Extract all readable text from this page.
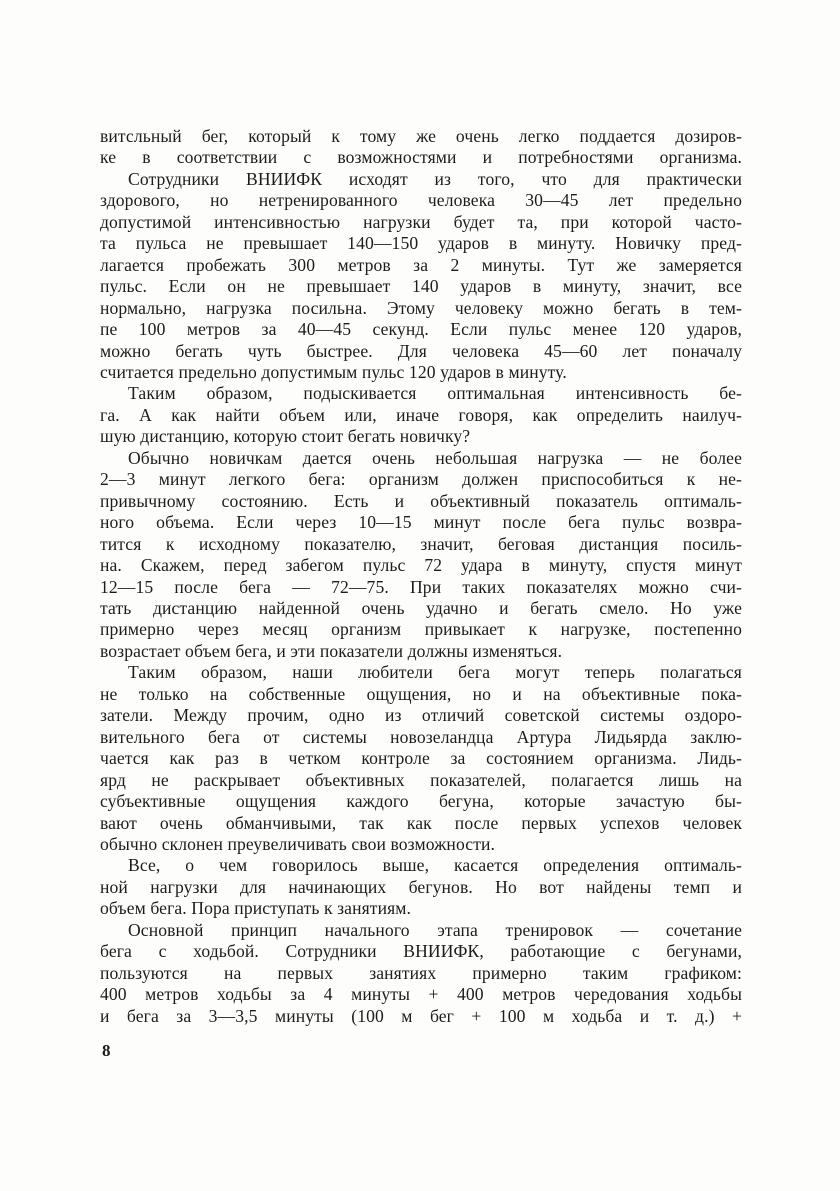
витсльный бег, который к тому же очень легко поддается дозиров-
ке в соответствии с возможностями и потребностями организма.
Сотрудники ВНИИФК исходят из того, что для практически
здорового, но нетренированного человека 30—45 лет предельно
допустимой интенсивностью нагрузки будет та, при которой часто-
та пульса не превышает 140—150 ударов в минуту. Новичку пред-
лагается пробежать 300 метров за 2 минуты. Тут же замеряется
пульс. Если он не превышает 140 ударов в минуту, значит, все
нормально, нагрузка посильна. Этому человеку можно бегать в тем-
пе 100 метров за 40—45 секунд. Если пульс менее 120 ударов,
можно бегать чуть быстрее. Для человека 45—60 лет поначалу
считается предельно допустимым пульс 120 ударов в минуту.
Таким образом, подыскивается оптимальная интенсивность бе-
га. А как найти объем или, иначе говоря, как определить наилуч-
шую дистанцию, которую стоит бегать новичку?
Обычно новичкам дается очень небольшая нагрузка — не более
2—3 минут легкого бега: организм должен приспособиться к не-
привычному состоянию. Есть и объективный показатель оптималь-
ного объема. Если через 10—15 минут после бега пульс возвра-
тится к исходному показателю, значит, беговая дистанция посиль-
на. Скажем, перед забегом пульс 72 удара в минуту, спустя минут
12—15 после бега — 72—75. При таких показателях можно счи-
тать дистанцию найденной очень удачно и бегать смело. Но уже
примерно через месяц организм привыкает к нагрузке, постепенно
возрастает объем бега, и эти показатели должны изменяться.
Таким образом, наши любители бега могут теперь полагаться
не только на собственные ощущения, но и на объективные пока-
затели. Между прочим, одно из отличий советской системы оздоро-
вительного бега от системы новозеландца Артура Лидьярда заклю-
чается как раз в четком контроле за состоянием организма. Лидь-
ярд не раскрывает объективных показателей, полагается лишь на
субъективные ощущения каждого бегуна, которые зачастую бы-
вают очень обманчивыми, так как после первых успехов человек
обычно склонен преувеличивать свои возможности.
Все, о чем говорилось выше, касается определения оптималь-
ной нагрузки для начинающих бегунов. Но вот найдены темп и
объем бега. Пора приступать к занятиям.
Основной принцип начального этапа тренировок — сочетание
бега с ходьбой. Сотрудники ВНИИФК, работающие с бегунами,
пользуются на первых занятиях примерно таким графиком:
400 метров ходьбы за 4 минуты + 400 метров чередования ходьбы
и бега за 3—3,5 минуты (100 м бег + 100 м ходьба и т. д.) +
8
